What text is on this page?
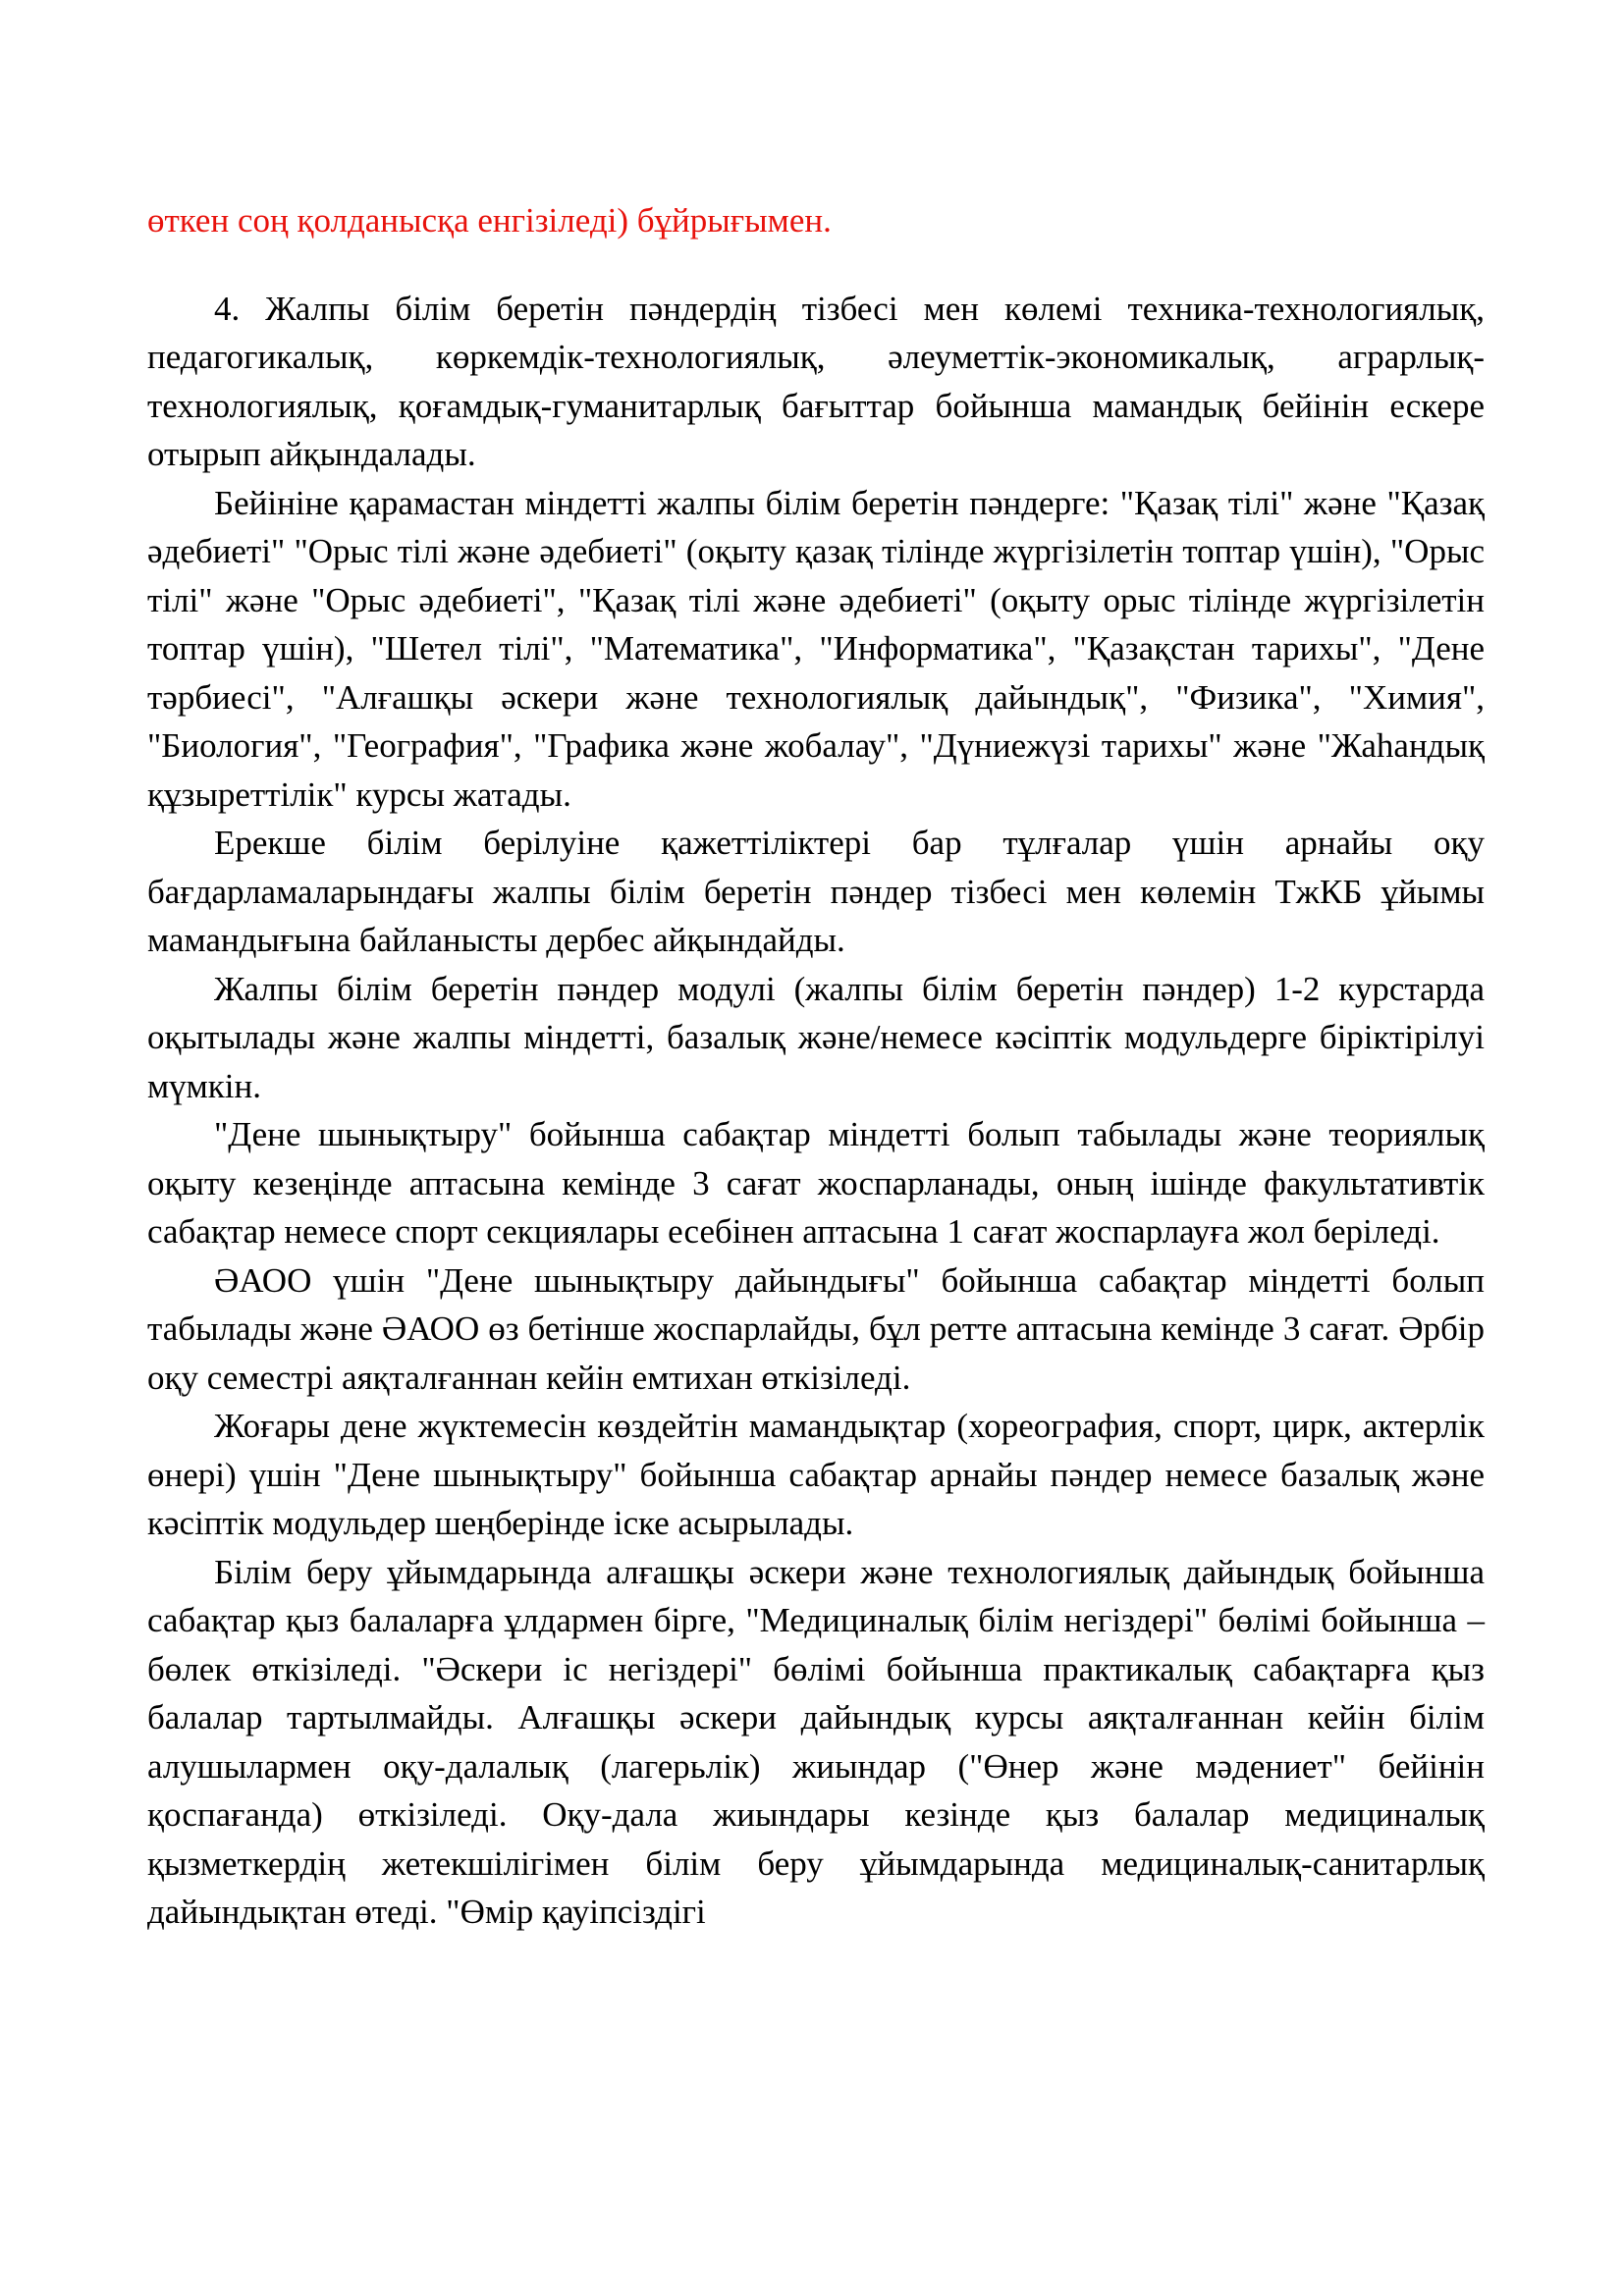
өткен соң қолданысқа енгізіледі) бұйрығымен.

4. Жалпы білім беретін пәндердің тізбесі мен көлемі техника-технологиялық, педагогикалық, көркемдік-технологиялық, әлеуметтік-экономикалық, аграрлық-технологиялық, қоғамдық-гуманитарлық бағыттар бойынша мамандық бейінін ескере отырып айқындалады.

Бейініне қарамастан міндетті жалпы білім беретін пәндерге: "Қазақ тілі" және "Қазақ әдебиеті" "Орыс тілі және әдебиеті" (оқыту қазақ тілінде жүргізілетін топтар үшін), "Орыс тілі" және "Орыс әдебиеті", "Қазақ тілі және әдебиеті" (оқыту орыс тілінде жүргізілетін топтар үшін), "Шетел тілі", "Математика", "Информатика", "Қазақстан тарихы", "Дене тәрбиесі", "Алғашқы әскери және технологиялық дайындық", "Физика", "Химия", "Биология", "География", "Графика және жобалау", "Дүниежүзі тарихы" және "Жаһандық құзыреттілік" курсы жатады.

Ерекше білім берілуіне қажеттіліктері бар тұлғалар үшін арнайы оқу бағдарламаларындағы жалпы білім беретін пәндер тізбесі мен көлемін ТжКБ ұйымы мамандығына байланысты дербес айқындайды.

Жалпы білім беретін пәндер модулі (жалпы білім беретін пәндер) 1-2 курстарда оқытылады және жалпы міндетті, базалық және/немесе кәсіптік модульдерге біріктірілуі мүмкін.

"Дене шынықтыру" бойынша сабақтар міндетті болып табылады және теориялық оқыту кезеңінде аптасына кемінде 3 сағат жоспарланады, оның ішінде факультативтік сабақтар немесе спорт секциялары есебінен аптасына 1 сағат жоспарлауға жол беріледі.

ӘАОО үшін "Дене шынықтыру дайындығы" бойынша сабақтар міндетті болып табылады және ӘАОО өз бетінше жоспарлайды, бұл ретте аптасына кемінде 3 сағат. Әрбір оқу семестрі аяқталғаннан кейін емтихан өткізіледі.

Жоғары дене жүктемесін көздейтін мамандықтар (хореография, спорт, цирк, актерлік өнері) үшін "Дене шынықтыру" бойынша сабақтар арнайы пәндер немесе базалық және кәсіптік модульдер шеңберінде іске асырылады.

Білім беру ұйымдарында алғашқы әскери және технологиялық дайындық бойынша сабақтар қыз балаларға ұлдармен бірге, "Медициналық білім негіздері" бөлімі бойынша – бөлек өткізіледі. "Әскери іс негіздері" бөлімі бойынша практикалық сабақтарға қыз балалар тартылмайды. Алғашқы әскери дайындық курсы аяқталғаннан кейін білім алушылармен оқу-далалық (лагерьлік) жиындар ("Өнер және мәдениет" бейінін қоспағанда) өткізіледі. Оқу-дала жиындары кезінде қыз балалар медициналық қызметкердің жетекшілігімен білім беру ұйымдарында медициналық-санитарлық дайындықтан өтеді. "Өмір қауіпсіздігі
